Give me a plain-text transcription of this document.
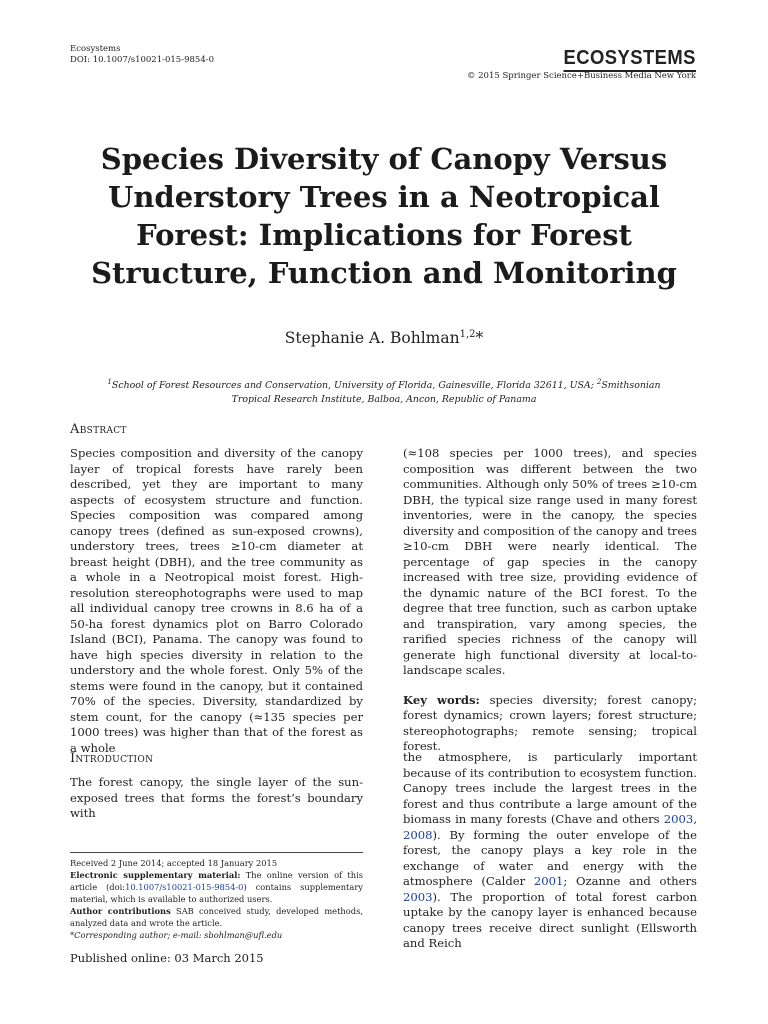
Ecosystems
DOI: 10.1007/s10021-015-9854-0	ECOSYSTEMS
© 2015 Springer Science+Business Media New York
Species Diversity of Canopy Versus Understory Trees in a Neotropical Forest: Implications for Forest Structure, Function and Monitoring
Stephanie A. Bohlman$^{1,2}$*
$^1$School of Forest Resources and Conservation, University of Florida, Gainesville, Florida 32611, USA; $^2$Smithsonian Tropical Research Institute, Balboa, Ancon, Republic of Panama
Abstract

Species composition and diversity of the canopy layer of tropical forests have rarely been described, yet they are important to many aspects of ecosystem structure and function. Species composition was compared among canopy trees (defined as sun-exposed crowns), understory trees, trees ≥10-cm diameter at breast height (DBH), and the tree community as a whole in a Neotropical moist forest. High-resolution stereophotographs were used to map all individual canopy tree crowns in 8.6 ha of a 50-ha forest dynamics plot on Barro Colorado Island (BCI), Panama. The canopy was found to have high species diversity in relation to the understory and the whole forest. Only 5% of the stems were found in the canopy, but it contained 70% of the species. Diversity, standardized by stem count, for the canopy (≈135 species per 1000 trees) was higher than that of the forest as a whole

(≈108 species per 1000 trees), and species composition was different between the two communities. Although only 50% of trees ≥10-cm DBH, the typical size range used in many forest inventories, were in the canopy, the species diversity and composition of the canopy and trees ≥10-cm DBH were nearly identical. The percentage of gap species in the canopy increased with tree size, providing evidence of the dynamic nature of the BCI forest. To the degree that tree function, such as carbon uptake and transpiration, vary among species, the rarified species richness of the canopy will generate high functional diversity at local-to-landscape scales.

Key words: species diversity; forest canopy; forest dynamics; crown layers; forest structure; stereophotographs; remote sensing; tropical forest.

Introduction

The forest canopy, the single layer of the sun-exposed trees that forms the forest’s boundary with

the atmosphere, is particularly important because of its contribution to ecosystem function. Canopy trees include the largest trees in the forest and thus contribute a large amount of the biomass in many forests (Chave and others 2003, 2008). By forming the outer envelope of the forest, the canopy plays a key role in the exchange of water and energy with the atmosphere (Calder 2001; Ozanne and others 2003). The proportion of total forest carbon uptake by the canopy layer is enhanced because canopy trees receive direct sunlight (Ellsworth and Reich

Received 2 June 2014; accepted 18 January 2015

Electronic supplementary material: The online version of this article (doi:10.1007/s10021-015-9854-0) contains supplementary material, which is available to authorized users.

Author contributions SAB conceived study, developed methods, analyzed data and wrote the article.

*Corresponding author; e-mail: sbohlman@ufl.edu

Published online: 03 March 2015
